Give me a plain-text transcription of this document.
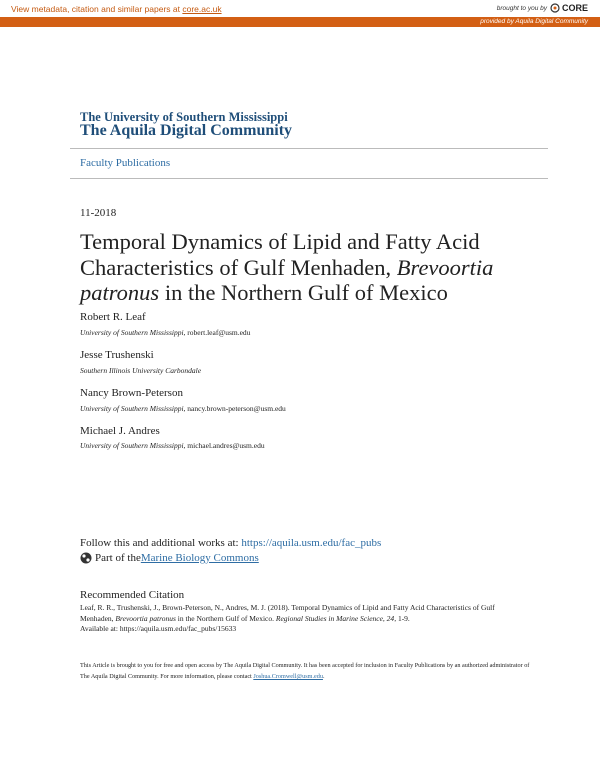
View metadata, citation and similar papers at core.ac.uk	brought to you by CORE
provided by Aquila Digital Community
The University of Southern Mississippi
The Aquila Digital Community
Faculty Publications
11-2018
Temporal Dynamics of Lipid and Fatty Acid Characteristics of Gulf Menhaden, Brevoortia patronus in the Northern Gulf of Mexico
Robert R. Leaf
University of Southern Mississippi, robert.leaf@usm.edu
Jesse Trushenski
Southern Illinois University Carbondale
Nancy Brown-Peterson
University of Southern Mississippi, nancy.brown-peterson@usm.edu
Michael J. Andres
University of Southern Mississippi, michael.andres@usm.edu
Follow this and additional works at: https://aquila.usm.edu/fac_pubs
Part of the Marine Biology Commons
Recommended Citation
Leaf, R. R., Trushenski, J., Brown-Peterson, N., Andres, M. J. (2018). Temporal Dynamics of Lipid and Fatty Acid Characteristics of Gulf Menhaden, Brevoortia patronus in the Northern Gulf of Mexico. Regional Studies in Marine Science, 24, 1-9.
Available at: https://aquila.usm.edu/fac_pubs/15633
This Article is brought to you for free and open access by The Aquila Digital Community. It has been accepted for inclusion in Faculty Publications by an authorized administrator of The Aquila Digital Community. For more information, please contact Joshua.Cromwell@usm.edu.
